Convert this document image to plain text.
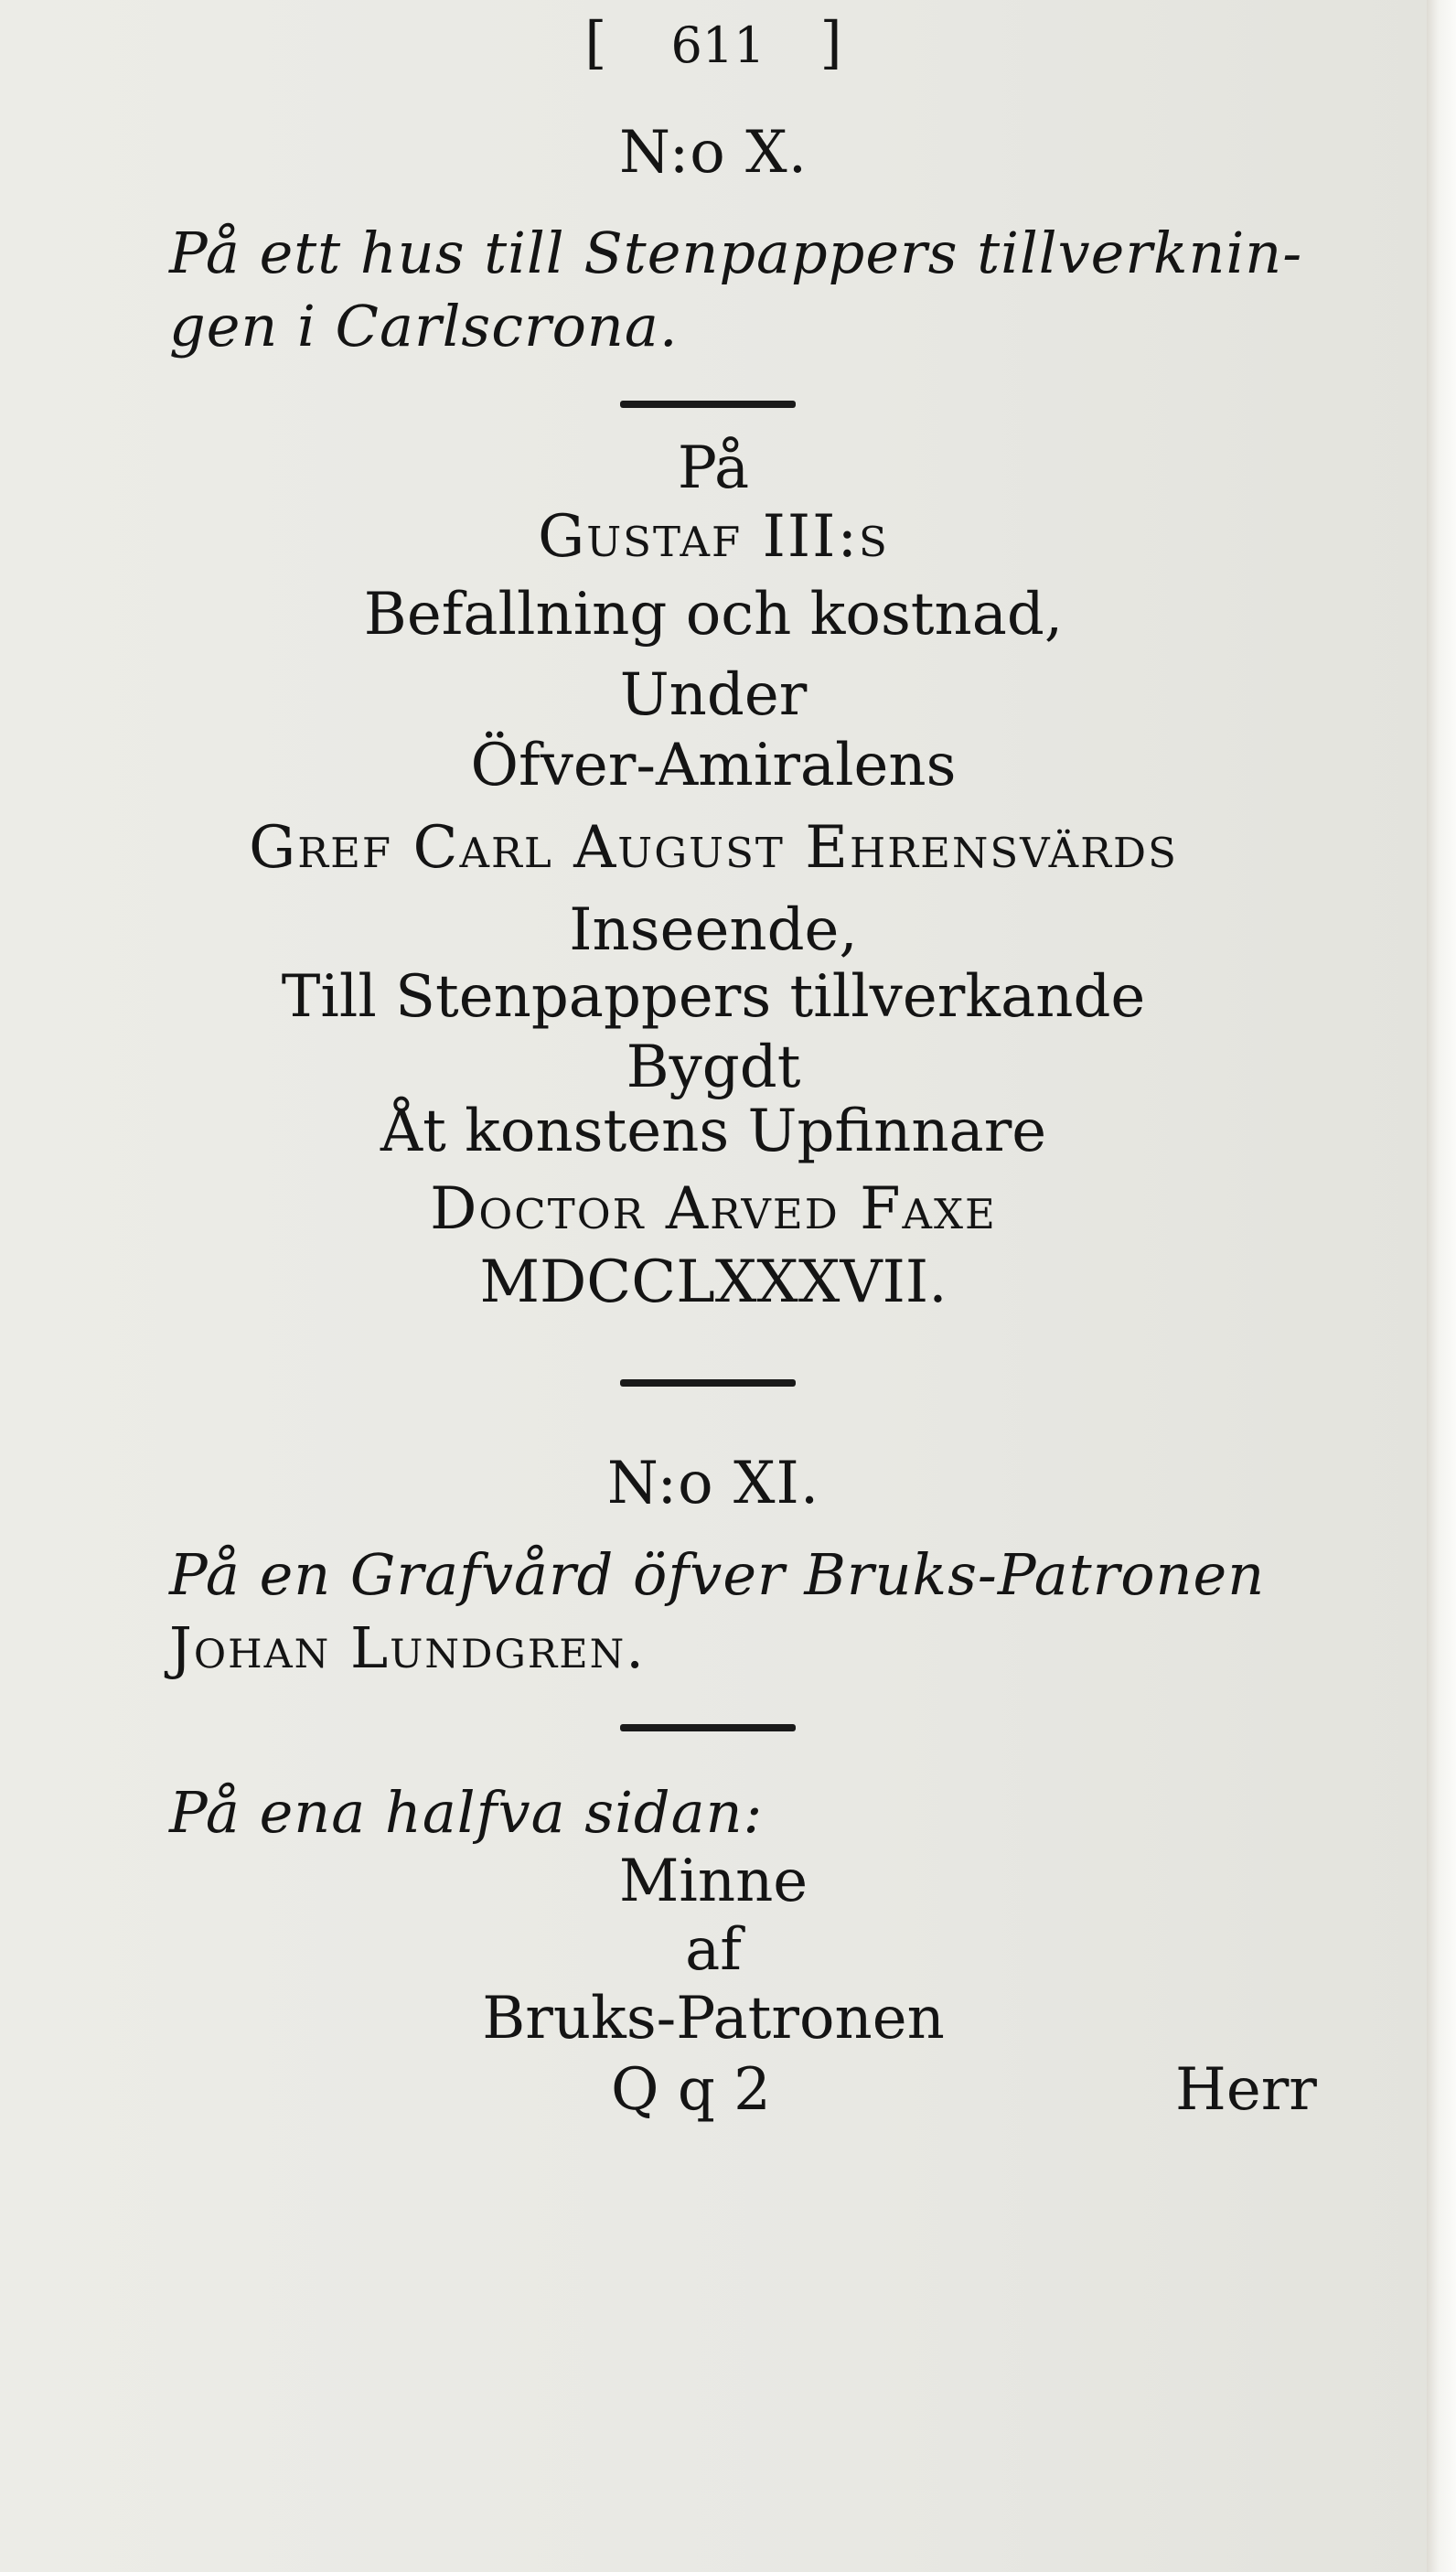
[ 611 ]
N:o X.
På ett hus till Stenpappers tillverknin-
gen i Carlscrona.
På
Gustaf III:s
Befallning och kostnad,
Under
Öfver-Amiralens
Gref Carl August Ehrensvärds
Inseende,
Till Stenpappers tillverkande
Bygdt
Åt konstens Upfinnare
Doctor Arved Faxe
MDCCLXXXVII.
N:o XI.
På en Grafvård öfver Bruks-Patronen
Johan Lundgren.
På ena halfva sidan:
Minne
af
Bruks-Patronen
Q q 2	Herr
